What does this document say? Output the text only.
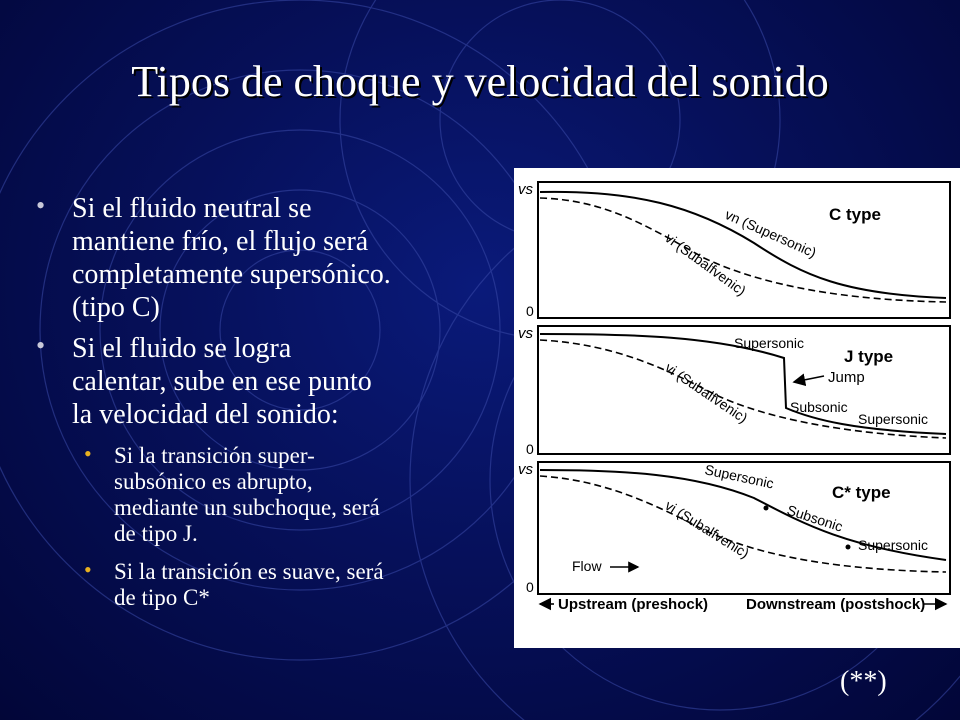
Tipos de choque y velocidad del sonido
• Si el fluido neutral se
mantiene frío, el flujo será
completamente supersónico.
(tipo C)
• Si el fluido se logra
calentar, sube en ese punto
la velocidad del sonido:
• Si la transición super-
subsónico es abrupto,
mediante un subchoque, será
de tipo J.
• Si la transición es suave, será
de tipo C*
vs
0
C type
vn (Supersonic)
vi (Subalfvenic)
vs
0
J type
Supersonic
Jump
Subsonic
Supersonic
vi (Subalfvenic)
vs
0
C* type
Supersonic
Subsonic
Supersonic
vi (Subalfvenic)
Flow
Upstream (preshock)	Downstream (postshock)
(**)
